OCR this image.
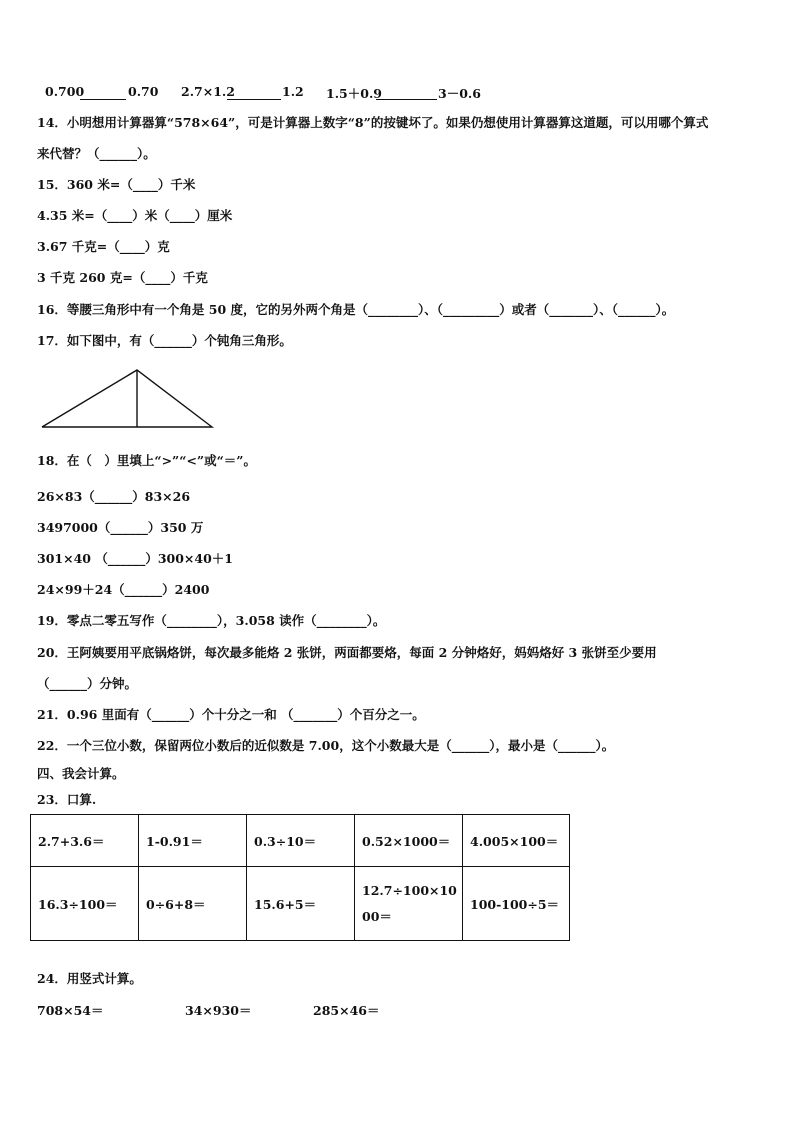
0.700	0.70 2.7×1.2	1.2 1.5＋0.9	3－0.6
14．小明想用计算器算“578×64”，可是计算器上数字“8”的按键坏了。如果仍想使用计算器算这道题，可以用哪个算式
来代替？（______）。
15．360 米=（____）千米
4.35 米=（____）米（____）厘米
3.67 千克=（____）克
3 千克 260 克=（____）千克
16．等腰三角形中有一个角是 50 度，它的另外两个角是（________）、（_________）或者（_______）、（______）。
17．如下图中，有（______）个钝角三角形。
18．在（　）里填上“>”“<”或“＝”。
26×83（______）83×26
3497000（______）350 万
301×40 （______）300×40＋1
24×99＋24（______）2400
19．零点二零五写作（________），3.058 读作（________）。
20．王阿姨要用平底锅烙饼，每次最多能烙 2 张饼，两面都要烙，每面 2 分钟烙好，妈妈烙好 3 张饼至少要用
（______）分钟。
21．0.96 里面有（______）个十分之一和 （_______）个百分之一。
22．一个三位小数，保留两位小数后的近似数是 7.00，这个小数最大是（______），最小是（______）。
四、我会计算。
23．口算.
2.7+3.6＝	1-0.91＝	0.3÷10＝	0.52×1000＝	4.005×100＝
16.3÷100＝	0÷6+8＝	15.6+5＝	12.7÷100×1000＝	100-100÷5＝
24．用竖式计算。
708×54＝	34×930＝	285×46＝
